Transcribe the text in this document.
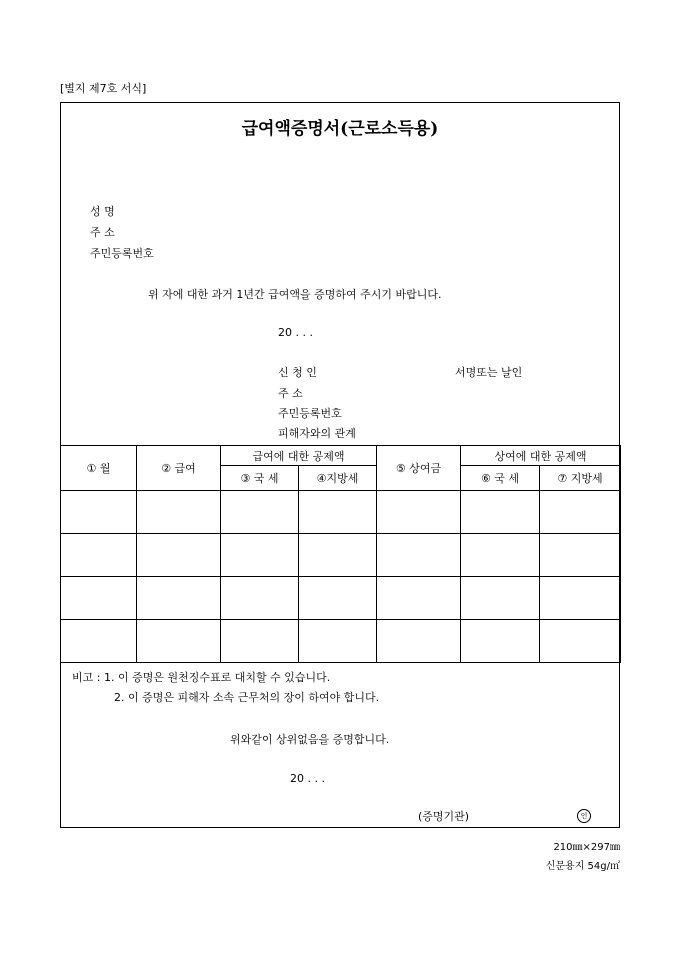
[별지 제7호 서식]
급여액증명서(근로소득용)
성 명
주 소
주민등록번호
위 자에 대한 과거 1년간 급여액을 증명하여 주시기 바랍니다.
20 . . .
신 청 인	서명또는 날인
주 소
주민등록번호
피해자와의 관계
① 월	② 급여	급여에 대한 공제액		⑤ 상여금	상여에 대한 공제액	
		③ 국 세	④지방세		⑥ 국 세	⑦ 지방세

비고 : 1. 이 증명은 원천징수표로 대치할 수 있습니다.
2. 이 증명은 피해자 소속 근무처의 장이 하여야 합니다.
위와같이 상위없음을 증명합니다.
20 . . .
(증명기관)	인
210㎜×297㎜
신문용지 54g/㎡
